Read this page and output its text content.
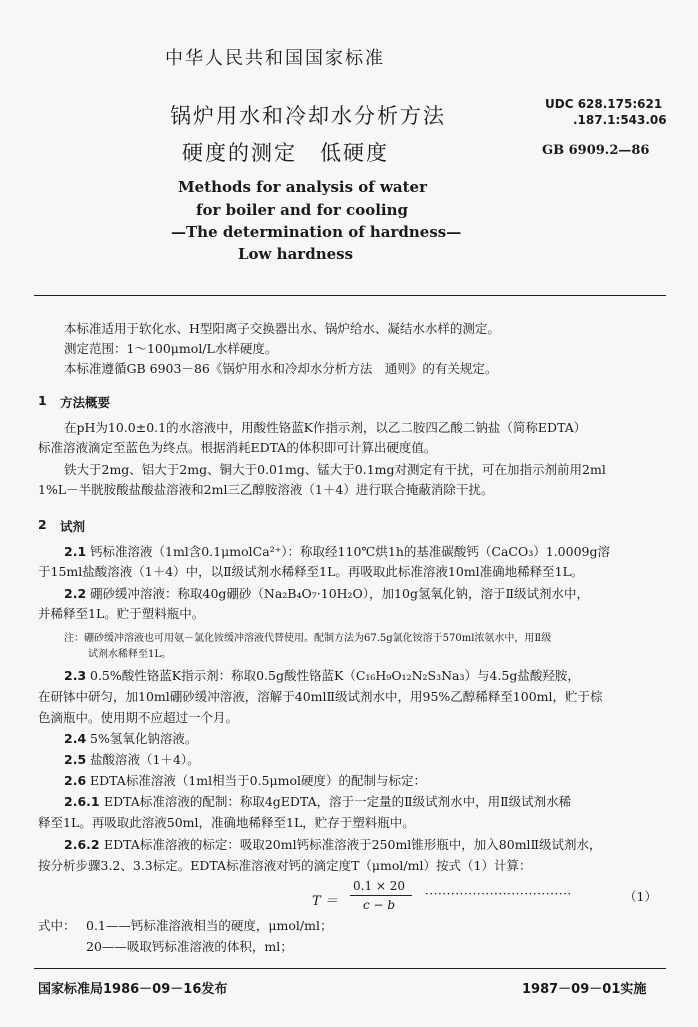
中华人民共和国国家标准
锅炉用水和冷却水分析方法
硬度的测定　低硬度
UDC 628.175:621
.187.1:543.06
GB 6909.2—86
Methods for analysis of water
for boiler and for cooling
—The determination of hardness—
Low hardness
本标准适用于软化水、H型阳离子交换器出水、锅炉给水、凝结水水样的测定。
测定范围：1～100μmol/L水样硬度。
本标准遵循GB 6903－86《锅炉用水和冷却水分析方法　通则》的有关规定。
1 方法概要
在pH为10.0±0.1的水溶液中，用酸性铬蓝K作指示剂，以乙二胺四乙酸二钠盐（简称EDTA）
标准溶液滴定至蓝色为终点。根据消耗EDTA的体积即可计算出硬度值。
铁大于2mg、铝大于2mg、铜大于0.01mg、锰大于0.1mg对测定有干扰，可在加指示剂前用2ml
1%L－半胱胺酸盐酸盐溶液和2ml三乙醇胺溶液（1＋4）进行联合掩蔽消除干扰。
2 试剂
2.1 钙标准溶液（1ml含0.1μmolCa²⁺）：称取经110℃烘1h的基准碳酸钙（CaCO₃）1.0009g溶
于15ml盐酸溶液（1＋4）中，以Ⅱ级试剂水稀释至1L。再吸取此标准溶液10ml准确地稀释至1L。
2.2 硼砂缓冲溶液：称取40g硼砂（Na₂B₄O₇·10H₂O），加10g氢氧化钠，溶于Ⅱ级试剂水中，
并稀释至1L。贮于塑料瓶中。
注：硼砂缓冲溶液也可用氨－氯化铵缓冲溶液代替使用。配制方法为67.5g氯化铵溶于570ml浓氨水中，用Ⅱ级
试剂水稀释至1L。
2.3 0.5%酸性铬蓝K指示剂：称取0.5g酸性铬蓝K（C₁₆H₉O₁₂N₂S₃Na₃）与4.5g盐酸羟胺，
在研钵中研匀，加10ml硼砂缓冲溶液，溶解于40mlⅡ级试剂水中，用95%乙醇稀释至100ml，贮于棕
色滴瓶中。使用期不应超过一个月。
2.4 5%氢氧化钠溶液。
2.5 盐酸溶液（1＋4）。
2.6 EDTA标准溶液（1ml相当于0.5μmol硬度）的配制与标定：
2.6.1 EDTA标准溶液的配制：称取4gEDTA，溶于一定量的Ⅱ级试剂水中，用Ⅱ级试剂水稀
释至1L。再吸取此溶液50ml，准确地稀释至1L，贮存于塑料瓶中。
2.6.2 EDTA标准溶液的标定：吸取20ml钙标准溶液于250ml锥形瓶中，加入80mlⅡ级试剂水，
按分析步骤3.2、3.3标定。EDTA标准溶液对钙的滴定度T（μmol/ml）按式（1）计算：
T ＝
0.1 × 20
c − b
··································	（1）
式中： 0.1——钙标准溶液相当的硬度，μmol/ml；
20——吸取钙标准溶液的体积，ml；
国家标准局1986－09－16发布	1987－09－01实施
